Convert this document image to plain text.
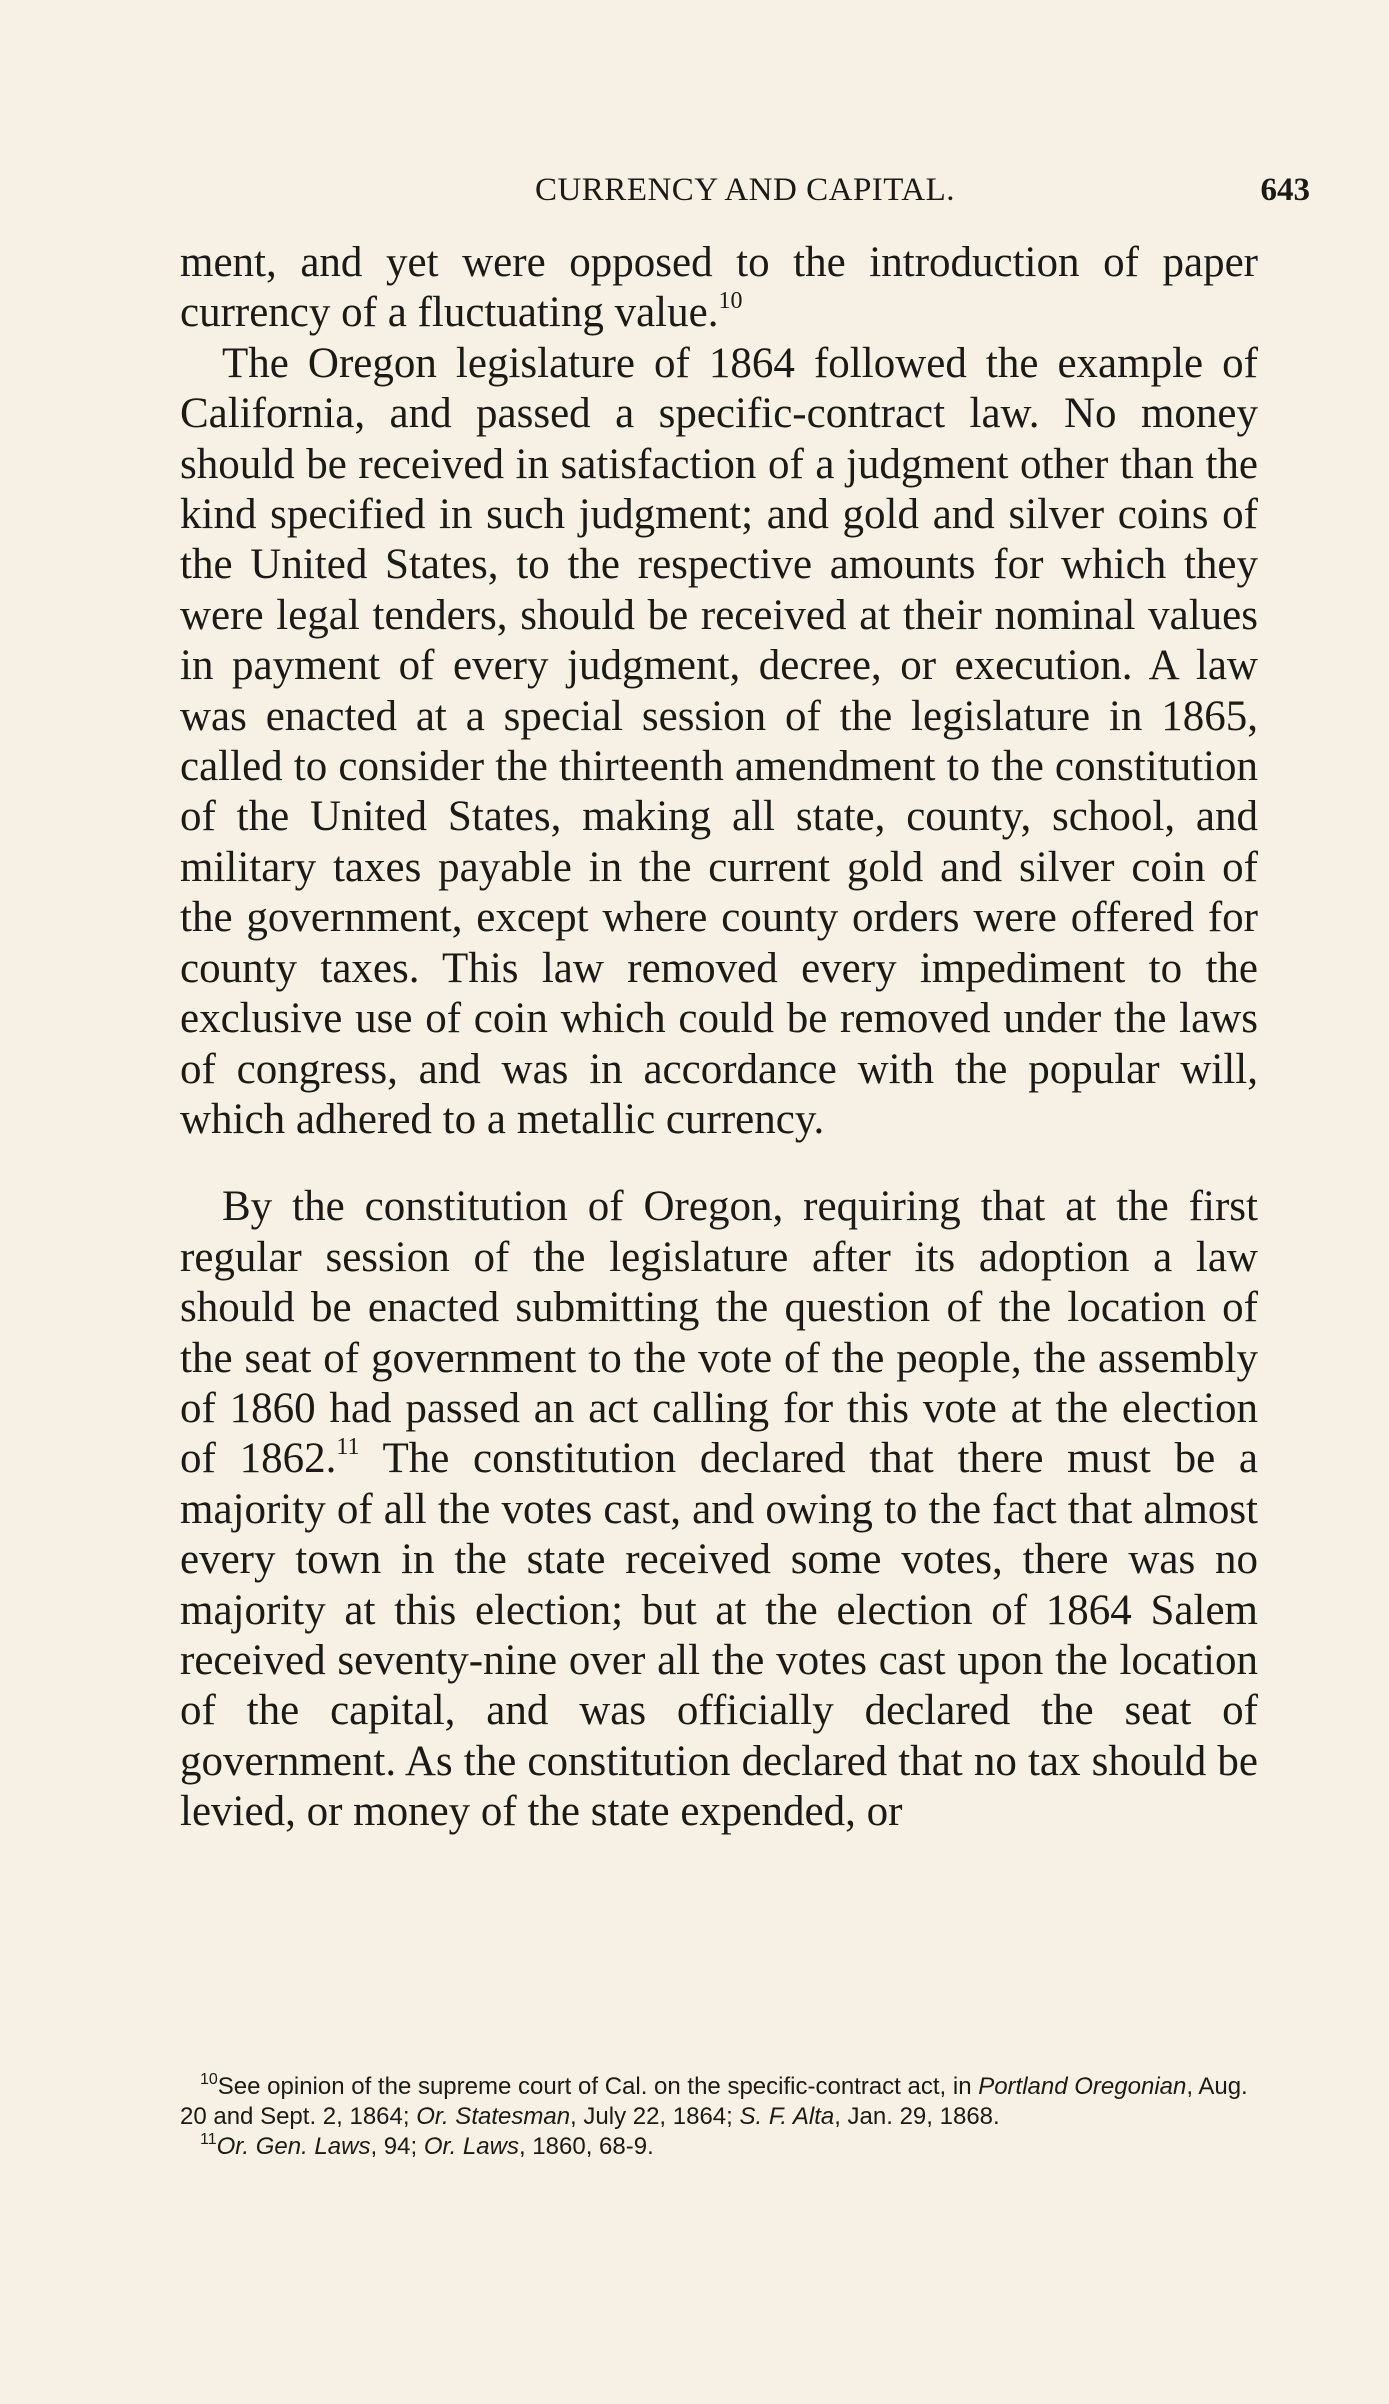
CURRENCY AND CAPITAL.	643

ment, and yet were opposed to the introduction of paper currency of a fluctuating value.$^{10}$

The Oregon legislature of 1864 followed the example of California, and passed a specific-contract law. No money should be received in satisfaction of a judgment other than the kind specified in such judgment; and gold and silver coins of the United States, to the respective amounts for which they were legal tenders, should be received at their nominal values in payment of every judgment, decree, or execution. A law was enacted at a special session of the legislature in 1865, called to consider the thirteenth amendment to the constitution of the United States, making all state, county, school, and military taxes payable in the current gold and silver coin of the government, except where county orders were offered for county taxes. This law removed every impediment to the exclusive use of coin which could be removed under the laws of congress, and was in accordance with the popular will, which adhered to a metallic currency.

By the constitution of Oregon, requiring that at the first regular session of the legislature after its adoption a law should be enacted submitting the question of the location of the seat of government to the vote of the people, the assembly of 1860 had passed an act calling for this vote at the election of 1862.11 The constitution declared that there must be a majority of all the votes cast, and owing to the fact that almost every town in the state received some votes, there was no majority at this election; but at the election of 1864 Salem received seventy-nine over all the votes cast upon the location of the capital, and was officially declared the seat of government. As the constitution declared that no tax should be levied, or money of the state expended, or

$^{10}$See opinion of the supreme court of Cal. on the specific-contract act, in Portland Oregonian, Aug. 20 and Sept. 2, 1864; Or. Statesman, July 22, 1864; S. F. Alta, Jan. 29, 1868.

$^{11}$Or. Gen. Laws, 94; Or. Laws, 1860, 68-9.
